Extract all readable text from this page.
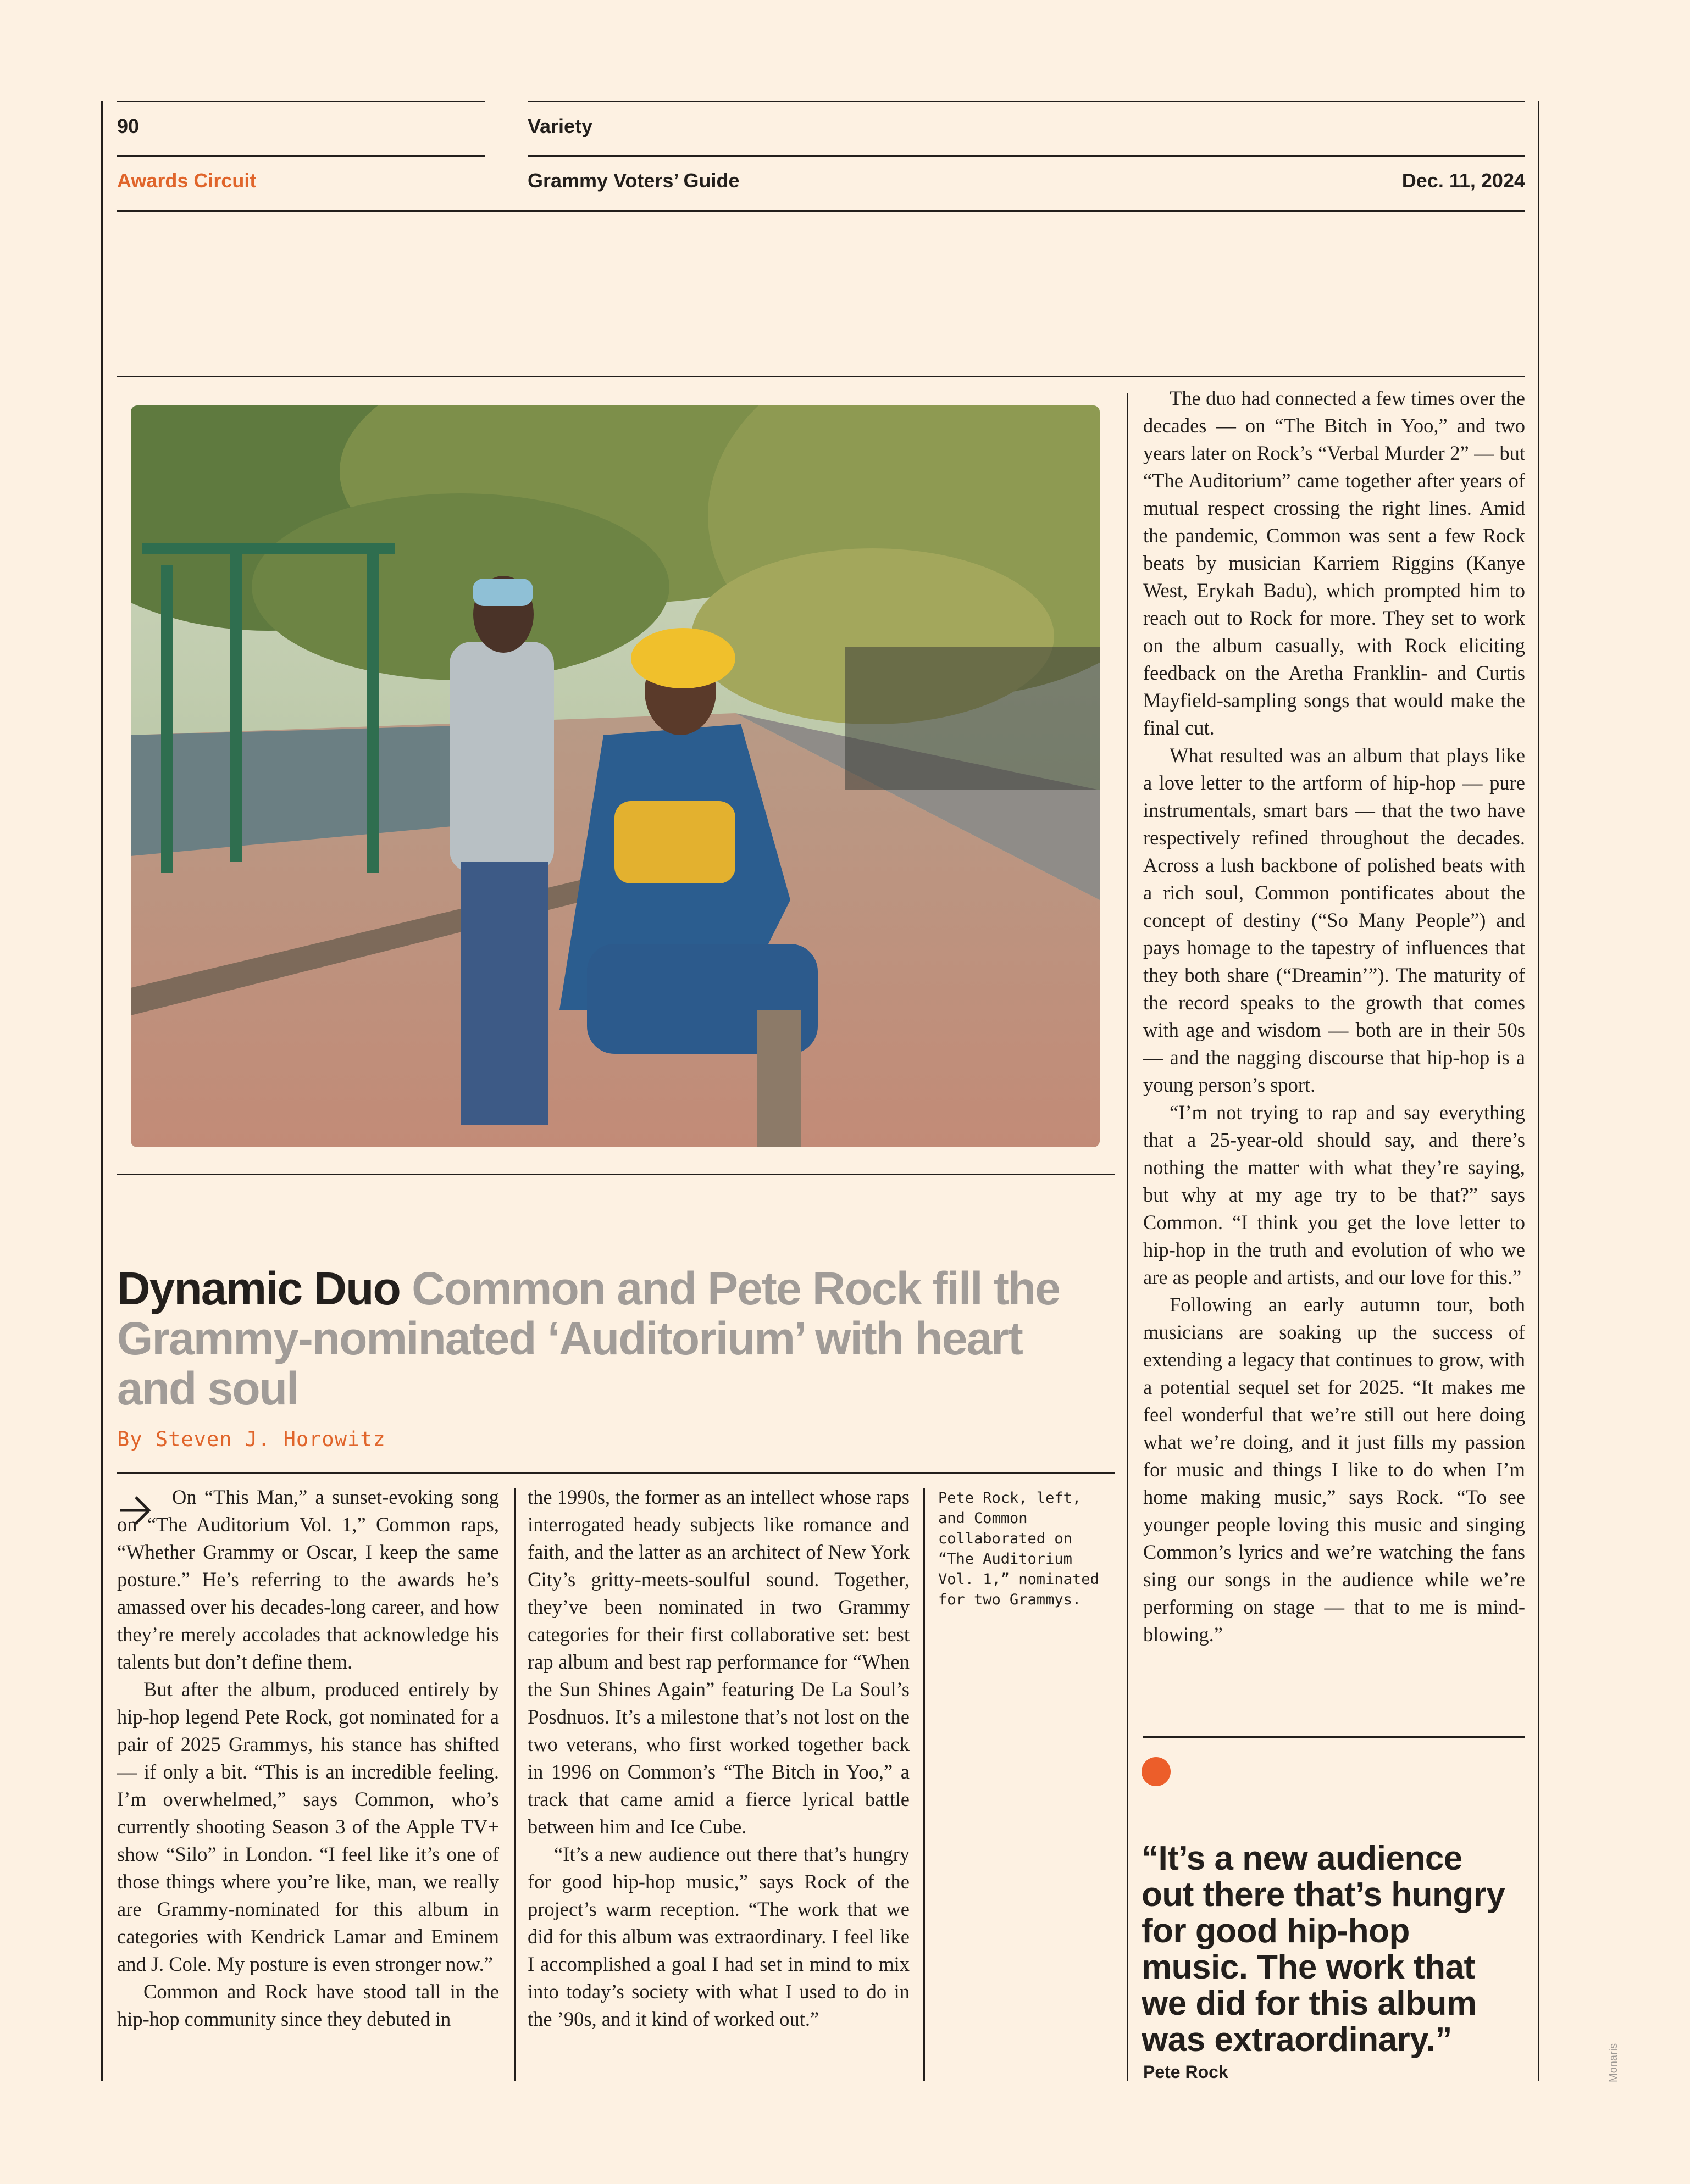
90	Variety
Awards Circuit	Grammy Voters’ Guide	Dec. 11, 2024
Dynamic Duo Common and Pete Rock fill the Grammy-nominated ‘Auditorium’ with heart and soul
By Steven J. Horowitz

On “This Man,” a sunset-evoking song on “The Auditorium Vol. 1,” Common raps, “Whether Grammy or Oscar, I keep the same posture.” He’s referring to the awards he’s amassed over his decades-long career, and how they’re merely accolades that acknowledge his talents but don’t define them.

But after the album, produced entirely by hip-hop legend Pete Rock, got nominated for a pair of 2025 Grammys, his stance has shifted — if only a bit. “This is an incredible feeling. I’m overwhelmed,” says Common, who’s currently shooting Season 3 of the Apple TV+ show “Silo” in London. “I feel like it’s one of those things where you’re like, man, we really are Grammy-nominated for this album in categories with Kendrick Lamar and Eminem and J. Cole. My posture is even stronger now.”

Common and Rock have stood tall in the hip-hop community since they debuted in

the 1990s, the former as an intellect whose raps interrogated heady subjects like romance and faith, and the latter as an architect of New York City’s gritty-meets-soulful sound. Together, they’ve been nominated in two Grammy categories for their first collaborative set: best rap album and best rap performance for “When the Sun Shines Again” featuring De La Soul’s Posdnuos. It’s a milestone that’s not lost on the two veterans, who first worked together back in 1996 on Common’s “The Bitch in Yoo,” a track that came amid a fierce lyrical battle between him and Ice Cube.

“It’s a new audience out there that’s hungry for good hip-hop music,” says Rock of the project’s warm reception. “The work that we did for this album was extraordinary. I feel like I accomplished a goal I had set in mind to mix into today’s society with what I used to do in the ’90s, and it kind of worked out.”

Pete Rock, left, and Common collaborated on “The Auditorium Vol. 1,” nominated for two Grammys.

The duo had connected a few times over the decades — on “The Bitch in Yoo,” and two years later on Rock’s “Verbal Murder 2” — but “The Auditorium” came together after years of mutual respect crossing the right lines. Amid the pandemic, Common was sent a few Rock beats by musician Karriem Riggins (Kanye West, Erykah Badu), which prompted him to reach out to Rock for more. They set to work on the album casually, with Rock eliciting feedback on the Aretha Franklin- and Curtis Mayfield-sampling songs that would make the final cut.

What resulted was an album that plays like a love letter to the artform of hip-hop — pure instrumentals, smart bars — that the two have respectively refined throughout the decades. Across a lush backbone of polished beats with a rich soul, Common pontificates about the concept of destiny (“So Many People”) and pays homage to the tapestry of influences that they both share (“Dreamin’”). The maturity of the record speaks to the growth that comes with age and wisdom — both are in their 50s — and the nagging discourse that hip-hop is a young person’s sport.

“I’m not trying to rap and say everything that a 25-year-old should say, and there’s nothing the matter with what they’re saying, but why at my age try to be that?” says Common. “I think you get the love letter to hip-hop in the truth and evolution of who we are as people and artists, and our love for this.”

Following an early autumn tour, both musicians are soaking up the success of extending a legacy that continues to grow, with a potential sequel set for 2025. “It makes me feel wonderful that we’re still out here doing what we’re doing, and it just fills my passion for music and things I like to do when I’m home making music,” says Rock. “To see younger people loving this music and singing Common’s lyrics and we’re watching the fans sing our songs in the audience while we’re performing on stage — that to me is mind-blowing.”

“It’s a new audience out there that’s hungry for good hip-hop music. The work that we did for this album was extraordinary.”
Pete Rock	Monaris
